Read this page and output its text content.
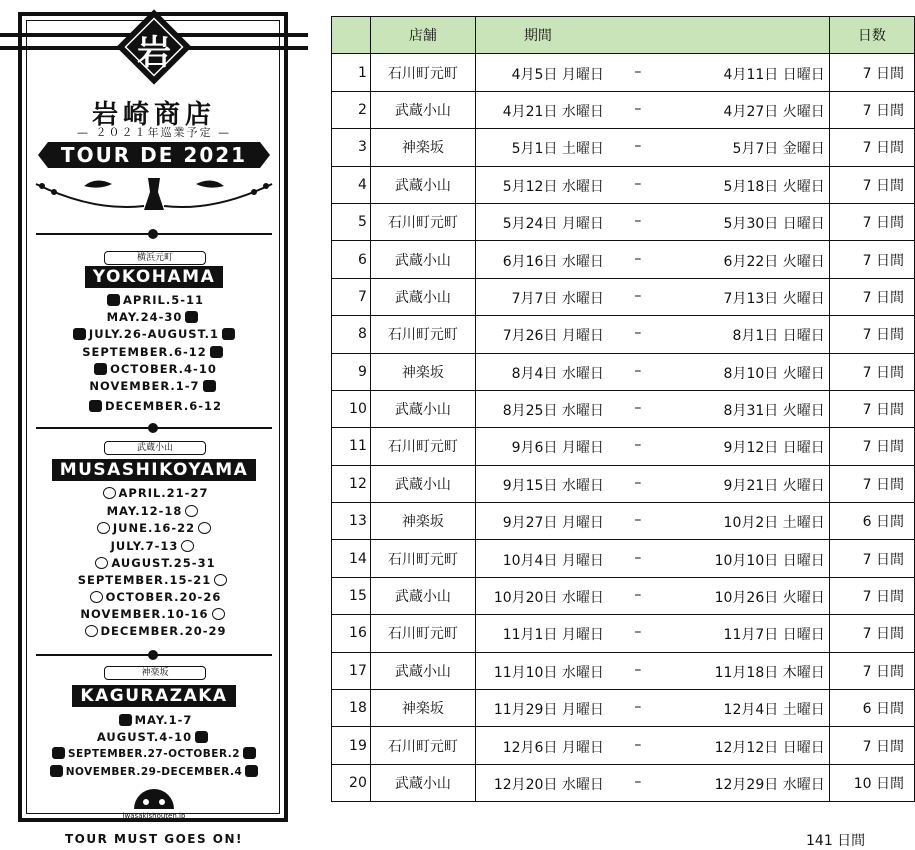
岩
岩崎商店
— ２０２１年巡業予定 —
TOUR DE 2021
横浜元町
YOKOHAMA
APRIL.5-11
MAY.24-30
JULY.26-AUGUST.1
SEPTEMBER.6-12
OCTOBER.4-10
NOVEMBER.1-7
DECEMBER.6-12
武蔵小山
MUSASHIKOYAMA
APRIL.21-27
MAY.12-18
JUNE.16-22
JULY.7-13
AUGUST.25-31
SEPTEMBER.15-21
OCTOBER.20-26
NOVEMBER.10-16
DECEMBER.20-29
神楽坂
KAGURAZAKA
MAY.1-7
AUGUST.4-10
SEPTEMBER.27-OCTOBER.2
NOVEMBER.29-DECEMBER.4
iwasakishouten.jp
TOUR MUST GOES ON!
	店舗	期間	日数
1	石川町元町	4月5日 月曜日 – 4月11日 日曜日	7 日間
2	武蔵小山	4月21日 水曜日 – 4月27日 火曜日	7 日間
3	神楽坂	5月1日 土曜日 – 5月7日 金曜日	7 日間
4	武蔵小山	5月12日 水曜日 – 5月18日 火曜日	7 日間
5	石川町元町	5月24日 月曜日 – 5月30日 日曜日	7 日間
6	武蔵小山	6月16日 水曜日 – 6月22日 火曜日	7 日間
7	武蔵小山	7月7日 水曜日 – 7月13日 火曜日	7 日間
8	石川町元町	7月26日 月曜日 – 8月1日 日曜日	7 日間
9	神楽坂	8月4日 水曜日 – 8月10日 火曜日	7 日間
10	武蔵小山	8月25日 水曜日 – 8月31日 火曜日	7 日間
11	石川町元町	9月6日 月曜日 – 9月12日 日曜日	7 日間
12	武蔵小山	9月15日 水曜日 – 9月21日 火曜日	7 日間
13	神楽坂	9月27日 月曜日 – 10月2日 土曜日	6 日間
14	石川町元町	10月4日 月曜日 – 10月10日 日曜日	7 日間
15	武蔵小山	10月20日 水曜日 – 10月26日 火曜日	7 日間
16	石川町元町	11月1日 月曜日 – 11月7日 日曜日	7 日間
17	武蔵小山	11月10日 水曜日 – 11月18日 木曜日	7 日間
18	神楽坂	11月29日 月曜日 – 12月4日 土曜日	6 日間
19	石川町元町	12月6日 月曜日 – 12月12日 日曜日	7 日間
20	武蔵小山	12月20日 水曜日 – 12月29日 水曜日	10 日間
141 日間
